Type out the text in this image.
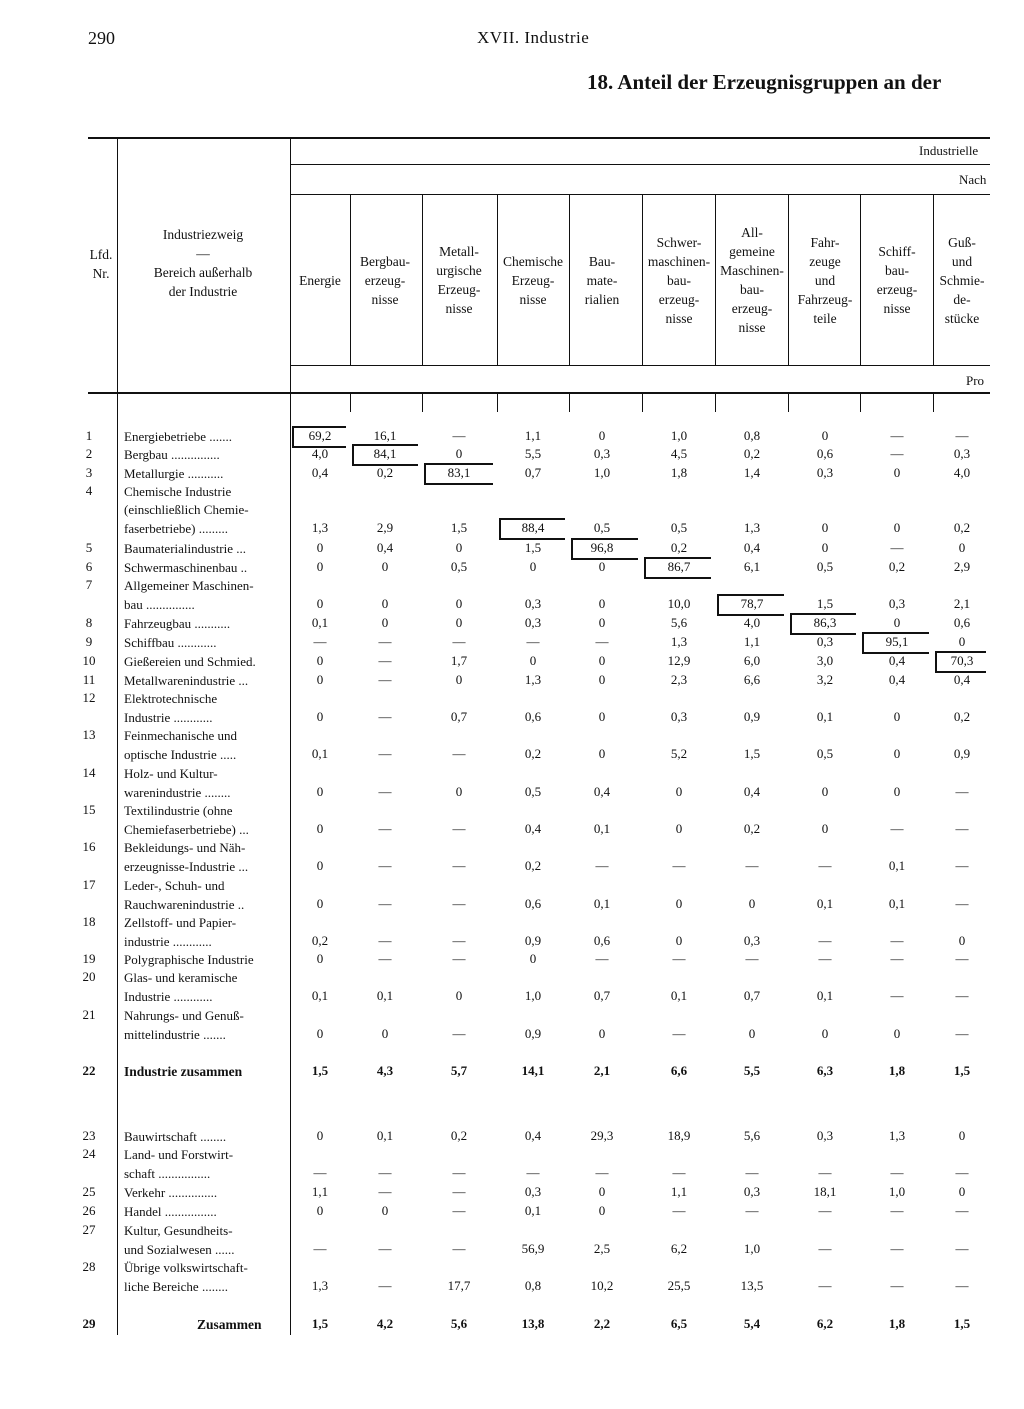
290	XVII. Industrie
18. Anteil der Erzeugnisgruppen an der
Lfd.
Nr.
Industriezweig
—
Bereich außerhalb
der Industrie
Energie
Bergbau-
erzeug-
nisse
Metall-
urgische
Erzeug-
nisse
Chemische
Erzeug-
nisse
Bau-
mate-
rialien
Schwer-
maschinen-
bau-
erzeug-
nisse
All-
gemeine
Maschinen-
bau-
erzeug-
nisse
Fahr-
zeuge
und
Fahrzeug-
teile
Schiff-
bau-
erzeug-
nisse
Guß-
und
Schmie-
de-
stücke
Industrielle
Nach
Pro
1	Energiebetriebe .......	69,2	16,1	—	1,1	0	1,0	0,8	0	—	—
2	Bergbau ...............	4,0	84,1	0	5,5	0,3	4,5	0,2	0,6	—	0,3
3	Metallurgie ...........	0,4	0,2	83,1	0,7	1,0	1,8	1,4	0,3	0	4,0
4	Chemische Industrie
(einschließlich Chemie-
faserbetriebe) .........	1,3	2,9	1,5	88,4	0,5	0,5	1,3	0	0	0,2
5	Baumaterialindustrie ...	0	0,4	0	1,5	96,8	0,2	0,4	0	—	0
6	Schwermaschinenbau ..	0	0	0,5	0	0	86,7	6,1	0,5	0,2	2,9
7	Allgemeiner Maschinen-
bau ...............	0	0	0	0,3	0	10,0	78,7	1,5	0,3	2,1
8	Fahrzeugbau ...........	0,1	0	0	0,3	0	5,6	4,0	86,3	0	0,6
9	Schiffbau ............	—	—	—	—	—	1,3	1,1	0,3	95,1	0
10	Gießereien und Schmied.	0	—	1,7	0	0	12,9	6,0	3,0	0,4	70,3
11	Metallwarenindustrie ...	0	—	0	1,3	0	2,3	6,6	3,2	0,4	0,4
12	Elektrotechnische
Industrie ............	0	—	0,7	0,6	0	0,3	0,9	0,1	0	0,2
13	Feinmechanische und
optische Industrie .....	0,1	—	—	0,2	0	5,2	1,5	0,5	0	0,9
14	Holz- und Kultur-
warenindustrie ........	0	—	0	0,5	0,4	0	0,4	0	0	—
15	Textilindustrie (ohne
Chemiefaserbetriebe) ...	0	—	—	0,4	0,1	0	0,2	0	—	—
16	Bekleidungs- und Näh-
erzeugnisse-Industrie ...	0	—	—	0,2	—	—	—	—	0,1	—
17	Leder-, Schuh- und
Rauchwarenindustrie ..	0	—	—	0,6	0,1	0	0	0,1	0,1	—
18	Zellstoff- und Papier-
industrie ............	0,2	—	—	0,9	0,6	0	0,3	—	—	0
19	Polygraphische Industrie	0	—	—	0	—	—	—	—	—	—
20	Glas- und keramische
Industrie ............	0,1	0,1	0	1,0	0,7	0,1	0,7	0,1	—	—
21	Nahrungs- und Genuß-
mittelindustrie .......	0	0	—	0,9	0	—	0	0	0	—
22	Industrie zusammen	1,5	4,3	5,7	14,1	2,1	6,6	5,5	6,3	1,8	1,5
23	Bauwirtschaft ........	0	0,1	0,2	0,4	29,3	18,9	5,6	0,3	1,3	0
24	Land- und Forstwirt-
schaft ................	—	—	—	—	—	—	—	—	—	—
25	Verkehr ...............	1,1	—	—	0,3	0	1,1	0,3	18,1	1,0	0
26	Handel ................	0	0	—	0,1	0	—	—	—	—	—
27	Kultur, Gesundheits-
und Sozialwesen ......	—	—	—	56,9	2,5	6,2	1,0	—	—	—
28	Übrige volkswirtschaft-
liche Bereiche ........	1,3	—	17,7	0,8	10,2	25,5	13,5	—	—	—
29	Zusammen	1,5	4,2	5,6	13,8	2,2	6,5	5,4	6,2	1,8	1,5
